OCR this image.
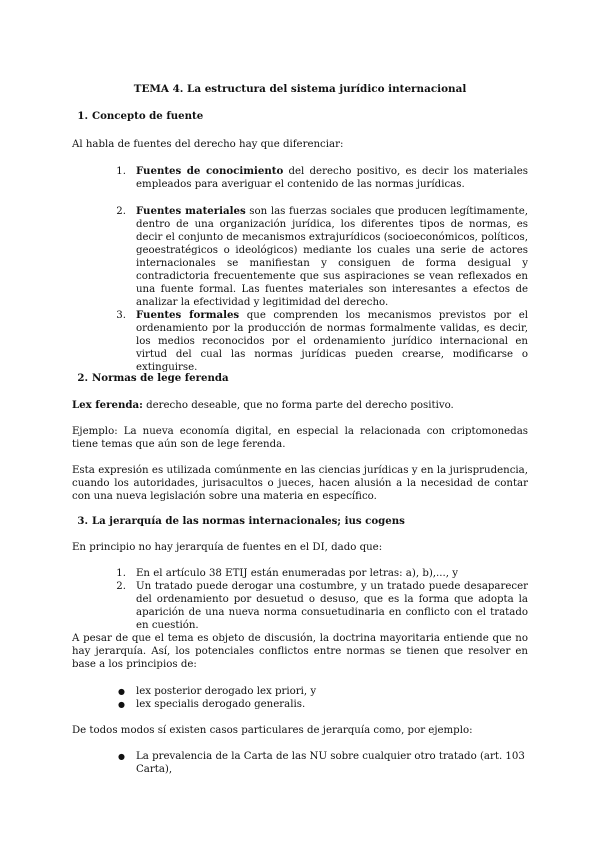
TEMA 4. La estructura del sistema jurídico internacional

1. Concepto de fuente

Al habla de fuentes del derecho hay que diferenciar:

1. Fuentes de conocimiento del derecho positivo, es decir los materiales empleados para averiguar el contenido de las normas jurídicas.

2. Fuentes materiales son las fuerzas sociales que producen legítimamente, dentro de una organización jurídica, los diferentes tipos de normas, es decir el conjunto de mecanismos extrajurídicos (socioeconómicos, políticos, geoestratégicos o ideológicos) mediante los cuales una serie de actores internacionales se manifiestan y consiguen de forma desigual y contradictoria frecuentemente que sus aspiraciones se vean reflexados en una fuente formal. Las fuentes materiales son interesantes a efectos de analizar la efectividad y legitimidad del derecho.

3. Fuentes formales que comprenden los mecanismos previstos por el ordenamiento por la producción de normas formalmente validas, es decir, los medios reconocidos por el ordenamiento jurídico internacional en virtud del cual las normas jurídicas pueden crearse, modificarse o extinguirse.

2. Normas de lege ferenda

Lex ferenda: derecho deseable, que no forma parte del derecho positivo.

Ejemplo: La nueva economía digital, en especial la relacionada con criptomonedas tiene temas que aún son de lege ferenda.

Esta expresión es utilizada comúnmente en las ciencias jurídicas y en la jurisprudencia, cuando los autoridades, jurisacultos o jueces, hacen alusión a la necesidad de contar con una nueva legislación sobre una materia en específico.

3. La jerarquía de las normas internacionales; ius cogens

En principio no hay jerarquía de fuentes en el DI, dado que:

1. En el artículo 38 ETIJ están enumeradas por letras: a), b),..., y

2. Un tratado puede derogar una costumbre, y un tratado puede desaparecer del ordenamiento por desuetud o desuso, que es la forma que adopta la aparición de una nueva norma consuetudinaria en conflicto con el tratado en cuestión.

A pesar de que el tema es objeto de discusión, la doctrina mayoritaria entiende que no hay jerarquía. Así, los potenciales conflictos entre normas se tienen que resolver en base a los principios de:

● lex posterior derogado lex priori, y

● lex specialis derogado generalis.

De todos modos sí existen casos particulares de jerarquía como, por ejemplo:

● La prevalencia de la Carta de las NU sobre cualquier otro tratado (art. 103 Carta),
